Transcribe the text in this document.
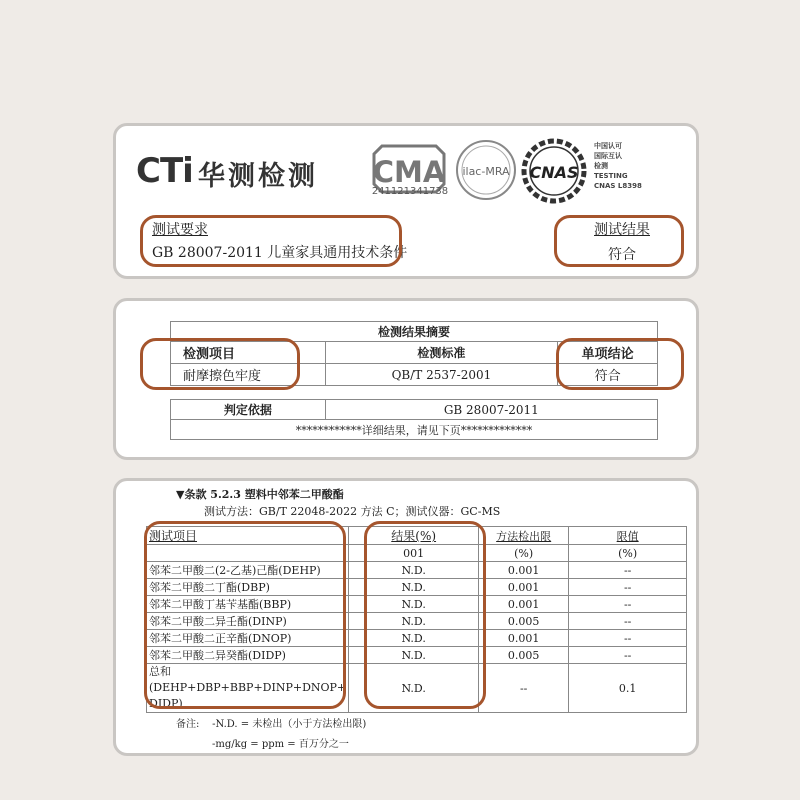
CTi 华测检测 CMA
241121341738
ilac-MRA CNAS
中国认可
国际互认
检测
TESTING
CNAS L8398
测试要求
GB 28007-2011 儿童家具通用技术条件
测试结果
符合
检测结果摘要		
检测项目	检测标准	单项结论
耐摩擦色牢度	QB/T 2537-2001	符合
判定依据	GB 28007-2011
************详细结果，请见下页*************
▼条款 5.2.3 塑料中邻苯二甲酸酯
测试方法：GB/T 22048-2022 方法 C；测试仪器：GC-MS
测试项目	结果(%)	方法检出限	限值
	001	(%)	(%)
邻苯二甲酸二(2-乙基)己酯(DEHP)	N.D.	0.001	--
邻苯二甲酸二丁酯(DBP)	N.D.	0.001	--
邻苯二甲酸丁基苄基酯(BBP)	N.D.	0.001	--
邻苯二甲酸二异壬酯(DINP)	N.D.	0.005	--
邻苯二甲酸二正辛酯(DNOP)	N.D.	0.001	--
邻苯二甲酸二异癸酯(DIDP)	N.D.	0.005	--
总和(DEHP+DBP+BBP+DINP+DNOP+ DIDP)	N.D.	--	0.1
备注: -N.D. = 未检出（小于方法检出限)
-mg/kg = ppm = 百万分之一
